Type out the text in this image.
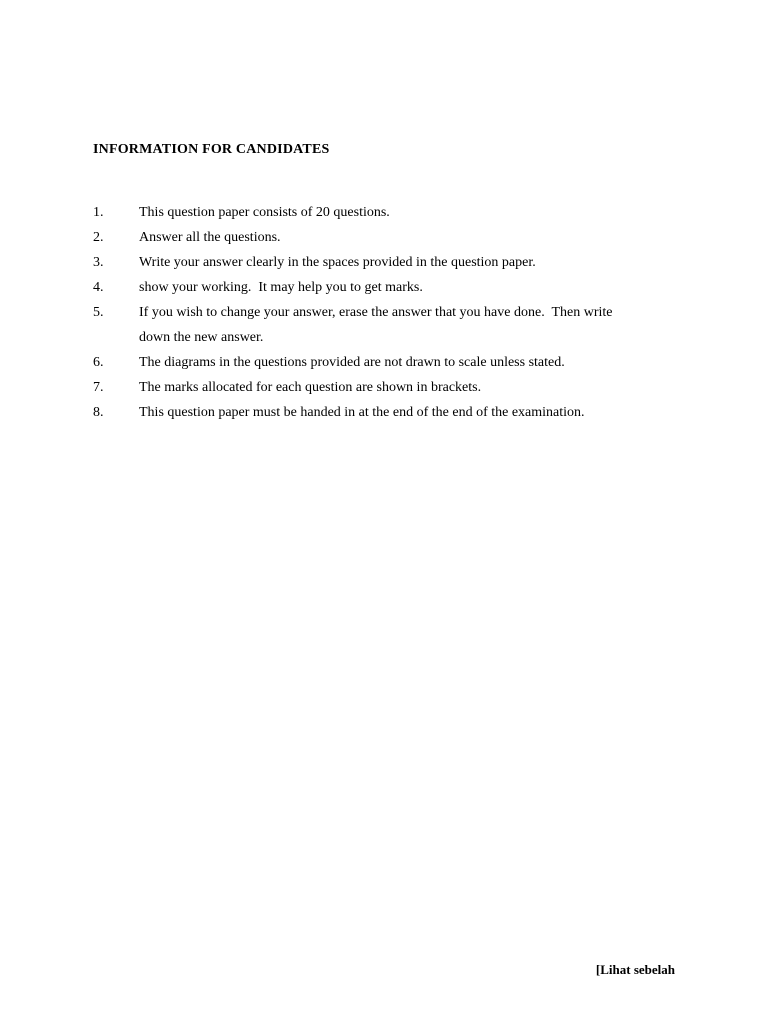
INFORMATION FOR CANDIDATES
1.	This question paper consists of 20 questions.
2.	Answer all the questions.
3.	Write your answer clearly in the spaces provided in the question paper.
4.	show your working.  It may help you to get marks.
5.	If you wish to change your answer, erase the answer that you have done.  Then write
down the new answer.
6.	The diagrams in the questions provided are not drawn to scale unless stated.
7.	The marks allocated for each question are shown in brackets.
8.	This question paper must be handed in at the end of the end of the examination.
[Lihat sebelah
